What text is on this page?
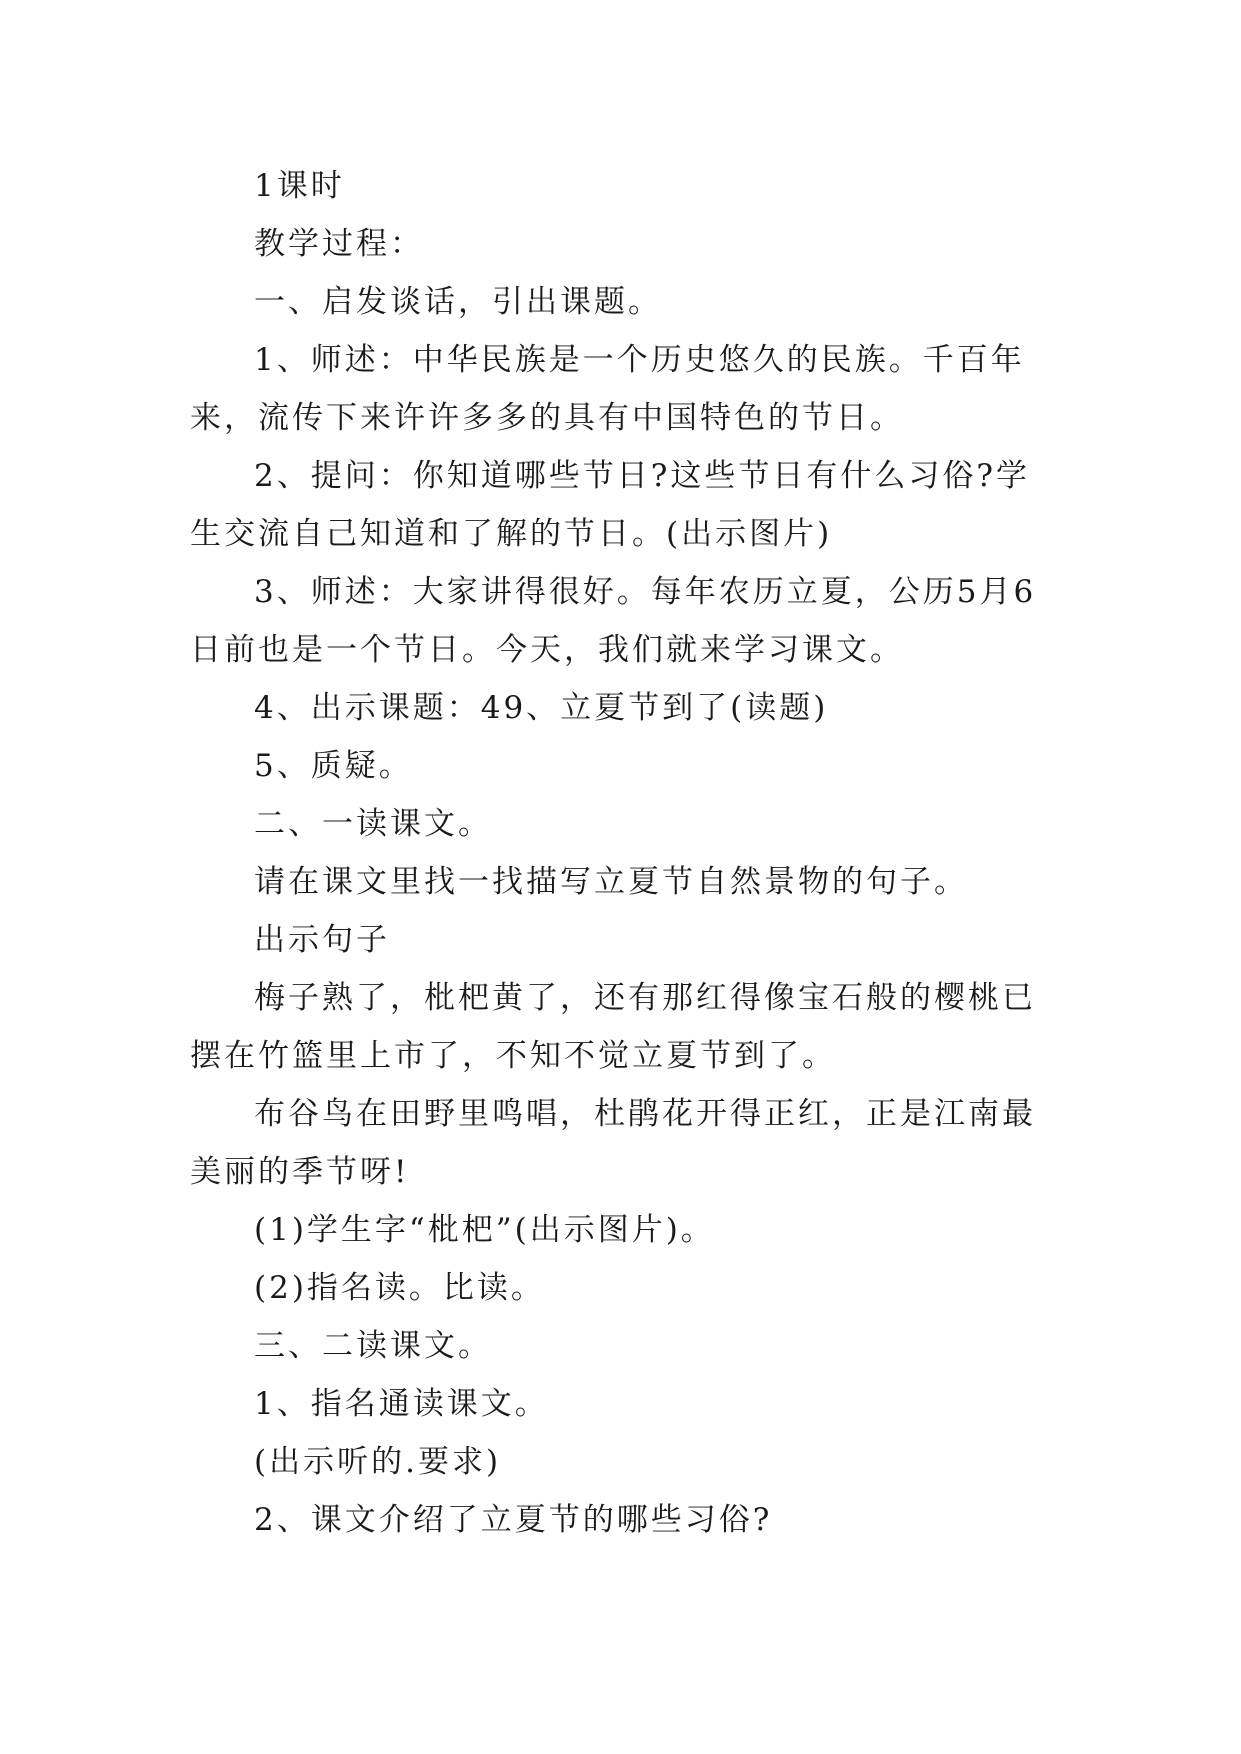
1课时

教学过程：

一、启发谈话，引出课题。

1、师述：中华民族是一个历史悠久的民族。千百年来，流传下来许许多多的具有中国特色的节日。

2、提问：你知道哪些节日?这些节日有什么习俗?学生交流自己知道和了解的节日。(出示图片)

3、师述：大家讲得很好。每年农历立夏，公历5月6日前也是一个节日。今天，我们就来学习课文。

4、出示课题：49、立夏节到了(读题)

5、质疑。

二、一读课文。

请在课文里找一找描写立夏节自然景物的句子。

出示句子

梅子熟了，枇杷黄了，还有那红得像宝石般的樱桃已摆在竹篮里上市了，不知不觉立夏节到了。

布谷鸟在田野里鸣唱，杜鹃花开得正红，正是江南最美丽的季节呀!

(1)学生字“枇杷”(出示图片)。

(2)指名读。比读。

三、二读课文。

1、指名通读课文。

(出示听的.要求)

2、课文介绍了立夏节的哪些习俗?
